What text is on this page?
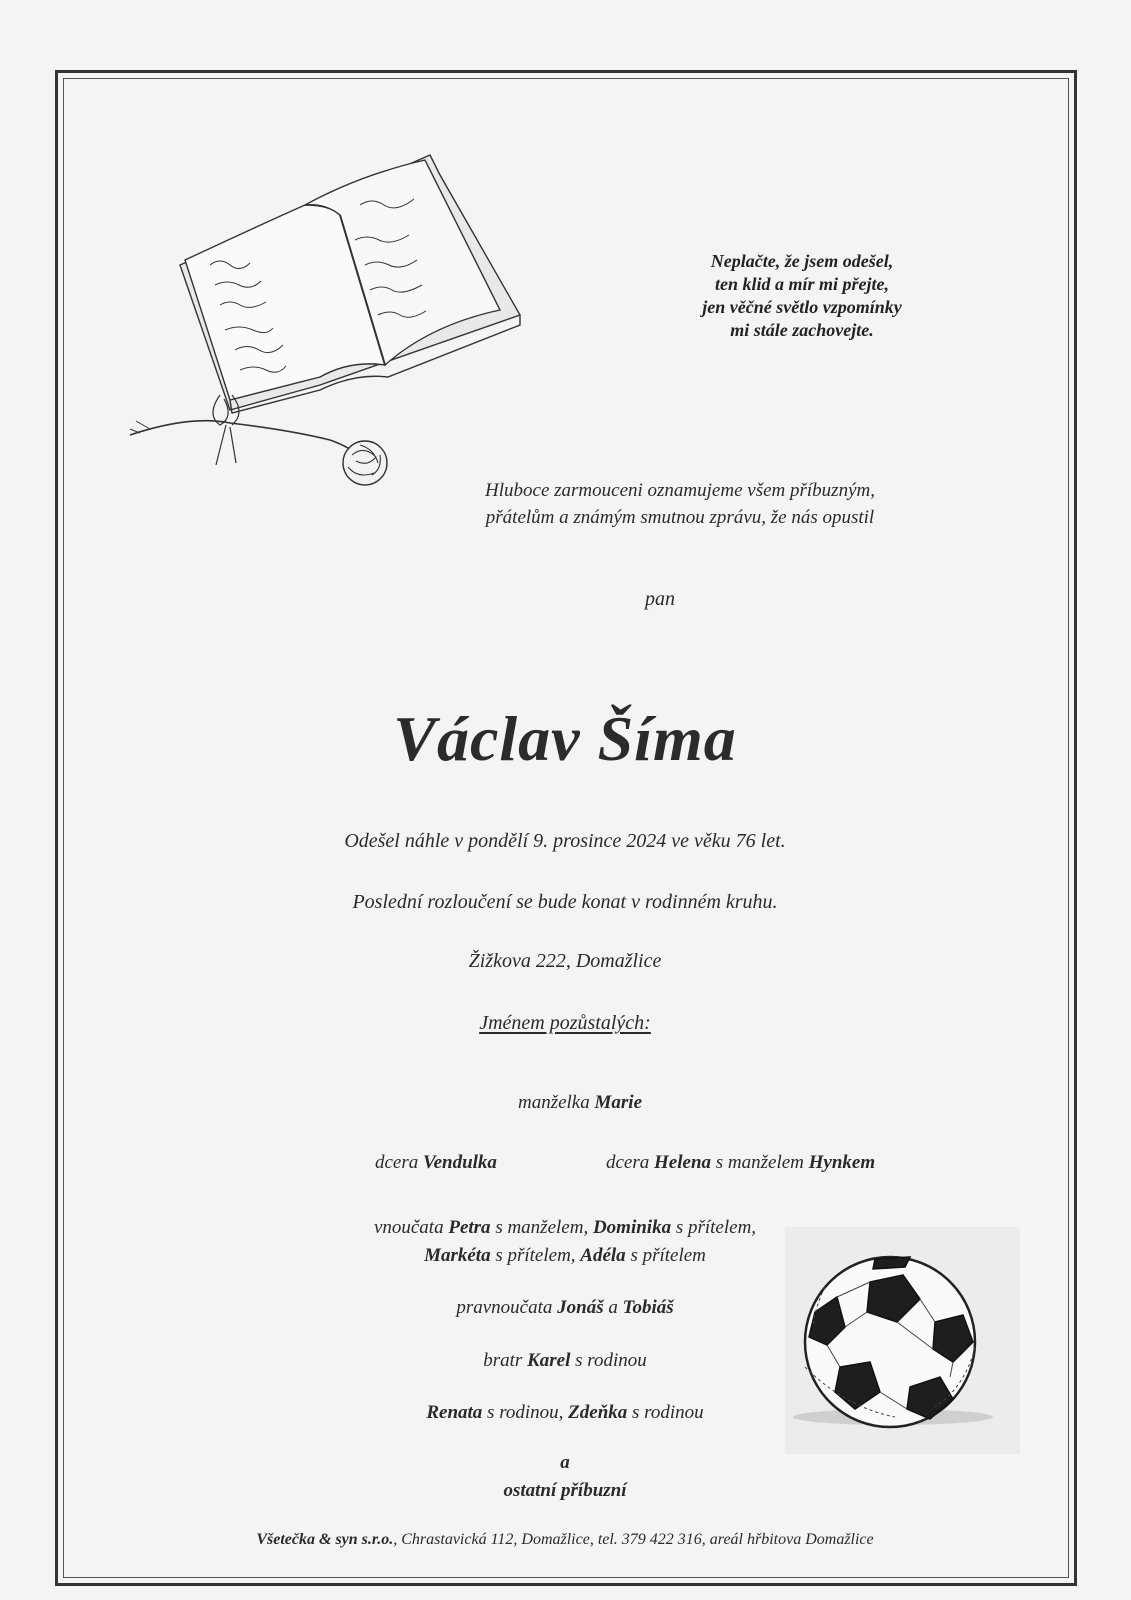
Neplačte, že jsem odešel,
ten klid a mír mi přejte,
jen věčné světlo vzpomínky
mi stále zachovejte.
Hluboce zarmouceni oznamujeme všem příbuzným,
přátelům a známým smutnou zprávu, že nás opustil
pan
Václav Šíma
Odešel náhle v pondělí 9. prosince 2024 ve věku 76 let.
Poslední rozloučení se bude konat v rodinném kruhu.
Žižkova 222, Domažlice
Jménem pozůstalých:
manželka Marie
dcera Vendulka	dcera Helena s manželem Hynkem
vnoučata Petra s manželem, Dominika s přítelem,
Markéta s přítelem, Adéla s přítelem
pravnoučata Jonáš a Tobiáš
bratr Karel s rodinou
Renata s rodinou, Zdeňka s rodinou
a
ostatní příbuzní
Všetečka & syn s.r.o., Chrastavická 112, Domažlice, tel. 379 422 316, areál hřbitova Domažlice
